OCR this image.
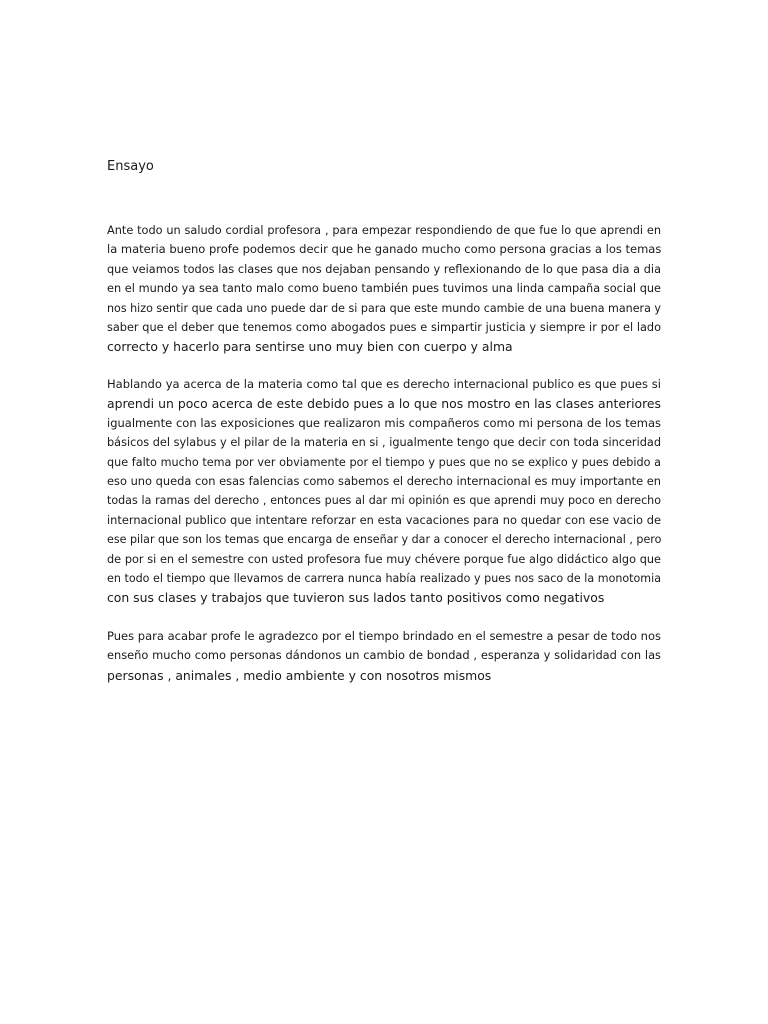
Ensayo
Ante todo un saludo cordial profesora , para empezar respondiendo de que fue lo que aprendi en
la materia bueno profe podemos decir que he ganado mucho como persona gracias a los temas
que veiamos todos las clases que nos dejaban pensando y reflexionando de lo que pasa dia a dia
en el mundo ya sea tanto malo como bueno también pues tuvimos una linda campaña social que
nos hizo sentir que cada uno puede dar de si para que este mundo cambie de una buena manera y
saber que el deber que tenemos como abogados pues e simpartir justicia y siempre ir por el lado
correcto y hacerlo para sentirse uno muy bien con cuerpo y alma
Hablando ya acerca de la materia como tal que es derecho internacional publico es que pues si
aprendi un poco acerca de este debido pues a lo que nos mostro en las clases anteriores
igualmente con las exposiciones que realizaron mis compañeros como mi persona de los temas
básicos del sylabus y el pilar de la materia en si , igualmente tengo que decir con toda sinceridad
que falto mucho tema por ver obviamente por el tiempo y pues que no se explico y pues debido a
eso uno queda con esas falencias como sabemos el derecho internacional es muy importante en
todas la ramas del derecho , entonces pues al dar mi opinión es que aprendi muy poco en derecho
internacional publico que intentare reforzar en esta vacaciones para no quedar con ese vacio de
ese pilar que son los temas que encarga de enseñar y dar a conocer el derecho internacional , pero
de por si en el semestre con usted profesora fue muy chévere porque fue algo didáctico algo que
en todo el tiempo que llevamos de carrera nunca había realizado y pues nos saco de la monotomia
con sus clases y trabajos que tuvieron sus lados tanto positivos como negativos
Pues para acabar profe le agradezco por el tiempo brindado en el semestre a pesar de todo nos
enseño mucho como personas dándonos un cambio de bondad , esperanza y solidaridad con las
personas , animales , medio ambiente y con nosotros mismos
